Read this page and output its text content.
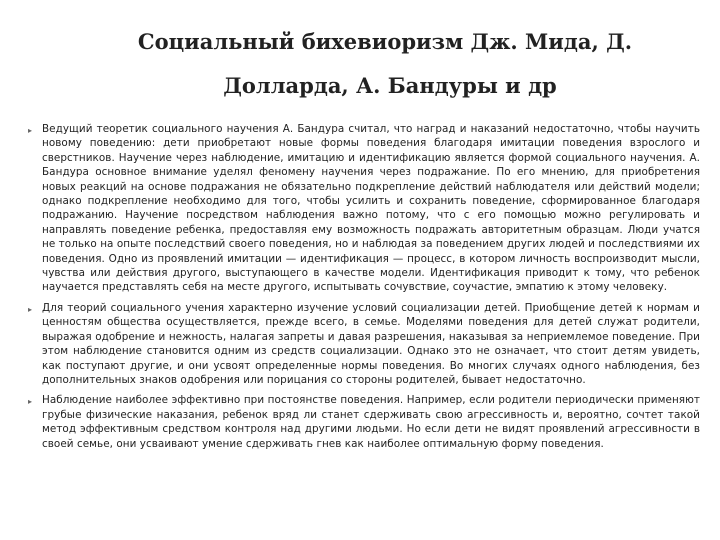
Социальный бихевиоризм Дж. Мида, Д.
Долларда, А. Бандуры и др
▸ Ведущий теоретик социального научения А. Бандура считал, что наград и наказаний недостаточно, чтобы научить новому поведению: дети приобретают новые формы поведения благодаря имитации поведения взрослого и сверстников. Научение через наблюдение, имитацию и идентификацию является формой социального научения. А. Бандура основное внимание уделял феномену научения через подражание. По его мнению, для приобретения новых реакций на основе подражания не обязательно подкрепление действий наблюдателя или действий модели; однако подкрепление необходимо для того, чтобы усилить и сохранить поведение, сформированное благодаря подражанию. Научение посредством наблюдения важно потому, что с его помощью можно регулировать и направлять поведение ребенка, предоставляя ему возможность подражать авторитетным образцам. Люди учатся не только на опыте последствий своего поведения, но и наблюдая за поведением других людей и последствиями их поведения. Одно из проявлений имитации — идентификация — процесс, в котором личность воспроизводит мысли, чувства или действия другого, выступающего в качестве модели. Идентификация приводит к тому, что ребенок научается представлять себя на месте другого, испытывать сочувствие, соучастие, эмпатию к этому человеку.
▸ Для теорий социального учения характерно изучение условий социализации детей. Приобщение детей к нормам и ценностям общества осуществляется, прежде всего, в семье. Моделями поведения для детей служат родители, выражая одобрение и нежность, налагая запреты и давая разрешения, наказывая за неприемлемое поведение. При этом наблюдение становится одним из средств социализации. Однако это не означает, что стоит детям увидеть, как поступают другие, и они усвоят определенные нормы поведения. Во многих случаях одного наблюдения, без дополнительных знаков одобрения или порицания со стороны родителей, бывает недостаточно.
▸ Наблюдение наиболее эффективно при постоянстве поведения. Например, если родители периодически применяют грубые физические наказания, ребенок вряд ли станет сдерживать свою агрессивность и, вероятно, сочтет такой метод эффективным средством контроля над другими людьми. Но если дети не видят проявлений агрессивности в своей семье, они усваивают умение сдерживать гнев как наиболее оптимальную форму поведения.
